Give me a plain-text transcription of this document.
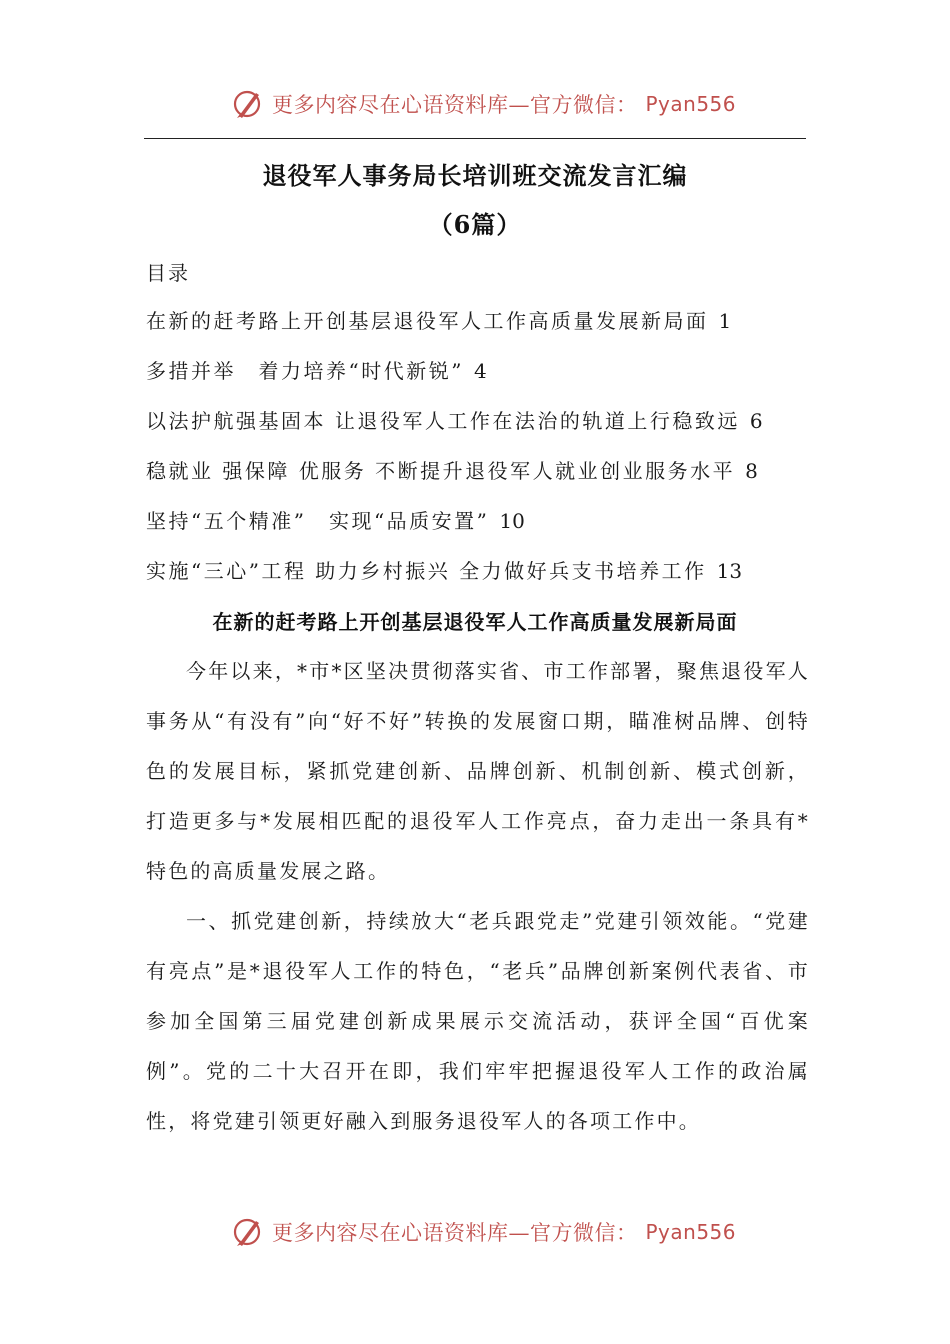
更多内容尽在心语资料库—官方微信： Pyan556
退役军人事务局长培训班交流发言汇编
（6篇）
目录
在新的赶考路上开创基层退役军人工作高质量发展新局面 1
多措并举　着力培养“时代新锐” 4
以法护航强基固本 让退役军人工作在法治的轨道上行稳致远 6
稳就业 强保障 优服务 不断提升退役军人就业创业服务水平 8
坚持“五个精准”　实现“品质安置” 10
实施“三心”工程 助力乡村振兴 全力做好兵支书培养工作 13
在新的赶考路上开创基层退役军人工作高质量发展新局面

今年以来，*市*区坚决贯彻落实省、市工作部署，聚焦退役军人事务从“有没有”向“好不好”转换的发展窗口期，瞄准树品牌、创特色的发展目标，紧抓党建创新、品牌创新、机制创新、模式创新，打造更多与*发展相匹配的退役军人工作亮点，奋力走出一条具有*特色的高质量发展之路。

一、抓党建创新，持续放大“老兵跟党走”党建引领效能。“党建有亮点”是*退役军人工作的特色，“老兵”品牌创新案例代表省、市参加全国第三届党建创新成果展示交流活动，获评全国“百优案例”。党的二十大召开在即，我们牢牢把握退役军人工作的政治属性，将党建引领更好融入到服务退役军人的各项工作中。

更多内容尽在心语资料库—官方微信： Pyan556
